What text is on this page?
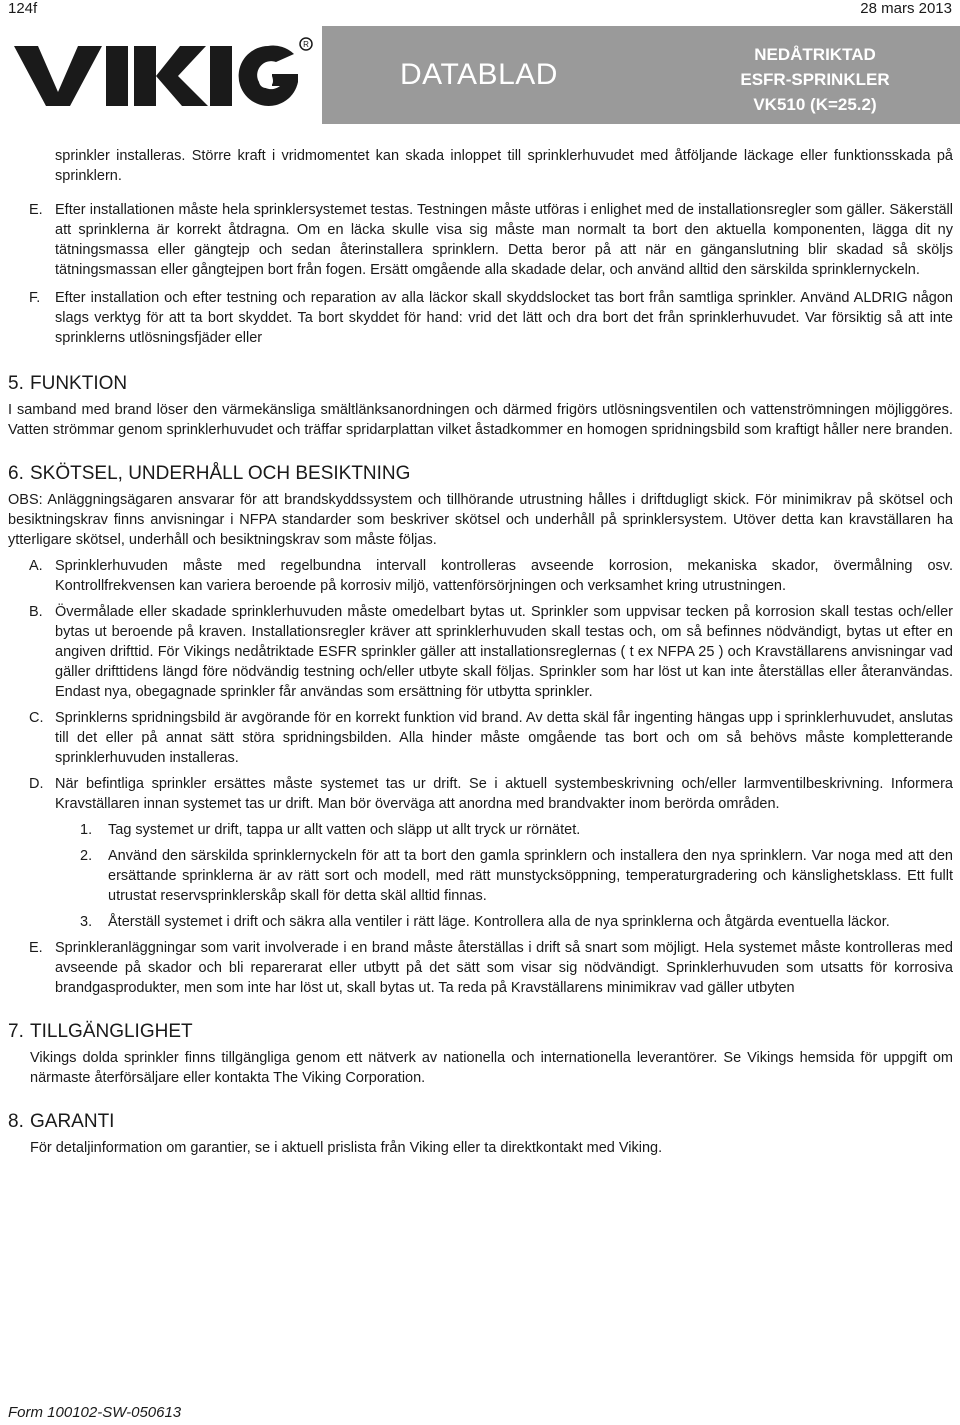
124f	28 mars 2013
R
DATABLAD
NEDÅTRIKTAD
ESFR-SPRINKLER
VK510 (K=25.2)

sprinkler installeras. Större kraft i vridmomentet kan skada inloppet till sprinklerhuvudet med åtföljande läckage eller funktionsskada på sprinklern.

E. Efter installationen måste hela sprinklersystemet testas. Testningen måste utföras i enlighet med de installationsregler som gäller. Säkerställ att sprinklerna är korrekt åtdragna. Om en läcka skulle visa sig måste man normalt ta bort den aktuella komponenten, lägga dit ny tätningsmassa eller gängtejp och sedan återinstallera sprinklern. Detta beror på att när en gänganslutning blir skadad så sköljs tätningsmassan eller gångtejpen bort från fogen. Ersätt omgående alla skadade delar, och använd alltid den särskilda sprinklernyckeln.
F. Efter installation och efter testning och reparation av alla läckor skall skyddslocket tas bort från samtliga sprinkler. Använd ALDRIG någon slags verktyg för att ta bort skyddet. Ta bort skyddet för hand: vrid det lätt och dra bort det från sprinklerhuvudet. Var försiktig så att inte sprinklerns utlösningsfjäder eller
5. FUNKTION

I samband med brand löser den värmekänsliga smältlänksanordningen och därmed frigörs utlösningsventilen och vattenströmningen möjliggöres. Vatten strömmar genom sprinklerhuvudet och träffar spridarplattan vilket åstadkommer en homogen spridningsbild som kraftigt håller nere branden.

6. SKÖTSEL, UNDERHÅLL OCH BESIKTNING

OBS: Anläggningsägaren ansvarar för att brandskyddssystem och tillhörande utrustning hålles i driftdugligt skick. För minimikrav på skötsel och besiktningskrav finns anvisningar i NFPA standarder som beskriver skötsel och underhåll på sprinklersystem. Utöver detta kan kravställaren ha ytterligare skötsel, underhåll och besiktningskrav som måste följas.

A. Sprinklerhuvuden måste med regelbundna intervall kontrolleras avseende korrosion, mekaniska skador, övermålning osv. Kontrollfrekvensen kan variera beroende på korrosiv miljö, vattenförsörjningen och verksamhet kring utrustningen.
B. Övermålade eller skadade sprinklerhuvuden måste omedelbart bytas ut. Sprinkler som uppvisar tecken på korrosion skall testas och/eller bytas ut beroende på kraven. Installationsregler kräver att sprinklerhuvuden skall testas och, om så befinnes nödvändigt, bytas ut efter en angiven drifttid. För Vikings nedåtriktade ESFR sprinkler gäller att installationsreglernas ( t ex NFPA 25 ) och Kravställarens anvisningar vad gäller drifttidens längd före nödvändig testning och/eller utbyte skall följas. Sprinkler som har löst ut kan inte återställas eller återanvändas. Endast nya, obegagnade sprinkler får användas som ersättning för utbytta sprinkler.
C. Sprinklerns spridningsbild är avgörande för en korrekt funktion vid brand. Av detta skäl får ingenting hängas upp i sprinklerhuvudet, anslutas till det eller på annat sätt störa spridningsbilden. Alla hinder måste omgående tas bort och om så behövs måste kompletterande sprinklerhuvuden installeras.
D. När befintliga sprinkler ersättes måste systemet tas ur drift. Se i aktuell systembeskrivning och/eller larmventilbeskrivning. Informera Kravställaren innan systemet tas ur drift. Man bör överväga att anordna med brandvakter inom berörda områden.
1. Tag systemet ur drift, tappa ur allt vatten och släpp ut allt tryck ur rörnätet.
2. Använd den särskilda sprinklernyckeln för att ta bort den gamla sprinklern och installera den nya sprinklern. Var noga med att den ersättande sprinklerna är av rätt sort och modell, med rätt munstycksöppning, temperaturgradering och känslighetsklass. Ett fullt utrustat reservsprinklerskåp skall för detta skäl alltid finnas.
3. Återställ systemet i drift och säkra alla ventiler i rätt läge. Kontrollera alla de nya sprinklerna och åtgärda eventuella läckor.
E. Sprinkleranläggningar som varit involverade i en brand måste återställas i drift så snart som möjligt. Hela systemet måste kontrolleras med avseende på skador och bli reparerarat eller utbytt på det sätt som visar sig nödvändigt. Sprinklerhuvuden som utsatts för korrosiva brandgasprodukter, men som inte har löst ut, skall bytas ut. Ta reda på Kravställarens minimikrav vad gäller utbyten
7. TILLGÄNGLIGHET

Vikings dolda sprinkler finns tillgängliga genom ett nätverk av nationella och internationella leverantörer. Se Vikings hemsida för uppgift om närmaste återförsäljare eller kontakta The Viking Corporation.

8. GARANTI

För detaljinformation om garantier, se i aktuell prislista från Viking eller ta direktkontakt med Viking.

Form 100102-SW-050613
